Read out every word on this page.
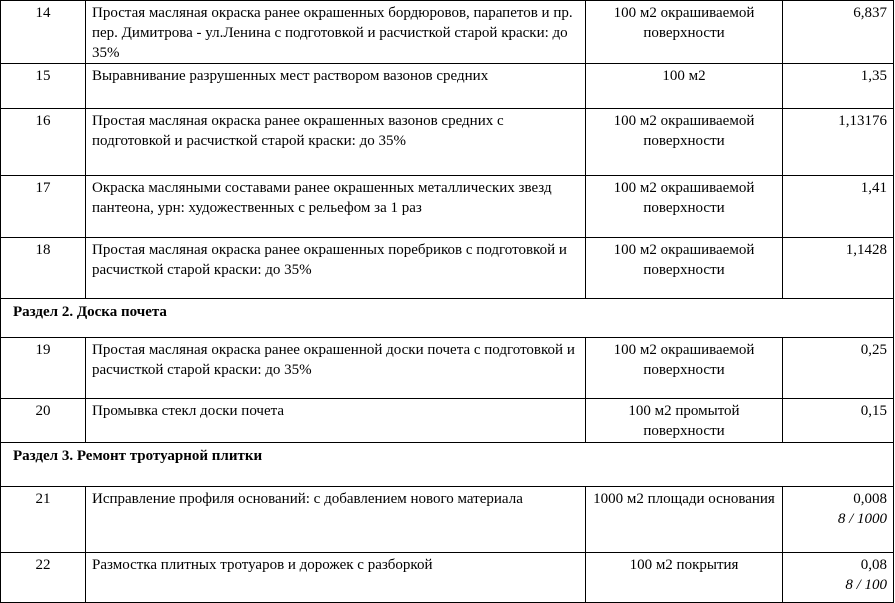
14	Простая масляная окраска ранее окрашенных бордюровов, парапетов и пр. пер. Димитрова - ул.Ленина с подготовкой и расчисткой старой краски: до 35%	100 м2 окрашиваемой поверхности	6,837
15	Выравнивание разрушенных мест раствором вазонов средних	100 м2	1,35
16	Простая масляная окраска ранее окрашенных вазонов средних с подготовкой и расчисткой старой краски: до 35%	100 м2 окрашиваемой поверхности	1,13176
17	Окраска масляными составами ранее окрашенных металлических звезд пантеона, урн: художественных с рельефом за 1 раз	100 м2 окрашиваемой поверхности	1,41
18	Простая масляная окраска ранее окрашенных поребриков с подготовкой и расчисткой старой краски: до 35%	100 м2 окрашиваемой поверхности	1,1428
Раздел 2. Доска почета			
19	Простая масляная окраска ранее окрашенной доски почета с подготовкой и расчисткой старой краски: до 35%	100 м2 окрашиваемой поверхности	0,25
20	Промывка стекл доски почета	100 м2 промытой поверхности	0,15
Раздел 3. Ремонт тротуарной плитки			
21	Исправление профиля оснований: с добавлением нового материала	1000 м2 площади основания	0,008
8 / 1000

22	Размостка плитных тротуаров и дорожек с разборкой	100 м2 покрытия	0,08
8 / 100
